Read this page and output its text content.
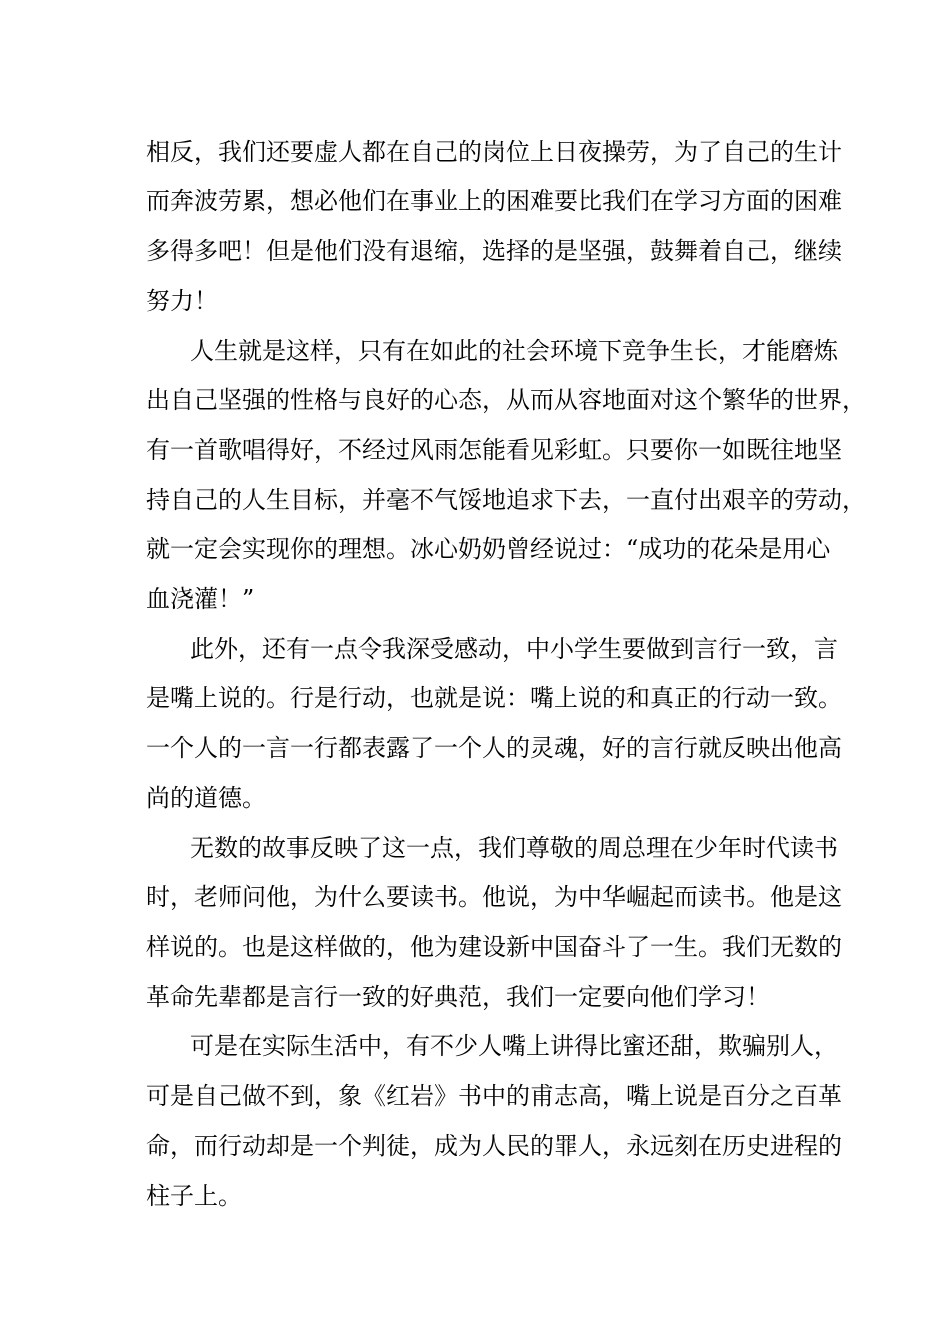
相反，我们还要虚人都在自己的岗位上日夜操劳，为了自己的生计

而奔波劳累，想必他们在事业上的困难要比我们在学习方面的困难

多得多吧！但是他们没有退缩，选择的是坚强，鼓舞着自己，继续

努力！

人生就是这样，只有在如此的社会环境下竞争生长，才能磨炼

出自己坚强的性格与良好的心态，从而从容地面对这个繁华的世界，

有一首歌唱得好，不经过风雨怎能看见彩虹。只要你一如既往地坚

持自己的人生目标，并毫不气馁地追求下去，一直付出艰辛的劳动，

就一定会实现你的理想。冰心奶奶曾经说过：“成功的花朵是用心

血浇灌！”

此外，还有一点令我深受感动，中小学生要做到言行一致，言

是嘴上说的。行是行动，也就是说：嘴上说的和真正的行动一致。

一个人的一言一行都表露了一个人的灵魂，好的言行就反映出他高

尚的道德。

无数的故事反映了这一点，我们尊敬的周总理在少年时代读书

时，老师问他，为什么要读书。他说，为中华崛起而读书。他是这

样说的。也是这样做的，他为建设新中国奋斗了一生。我们无数的

革命先辈都是言行一致的好典范，我们一定要向他们学习！

可是在实际生活中，有不少人嘴上讲得比蜜还甜，欺骗别人，

可是自己做不到，象《红岩》书中的甫志高，嘴上说是百分之百革

命，而行动却是一个判徒，成为人民的罪人，永远刻在历史进程的

柱子上。
